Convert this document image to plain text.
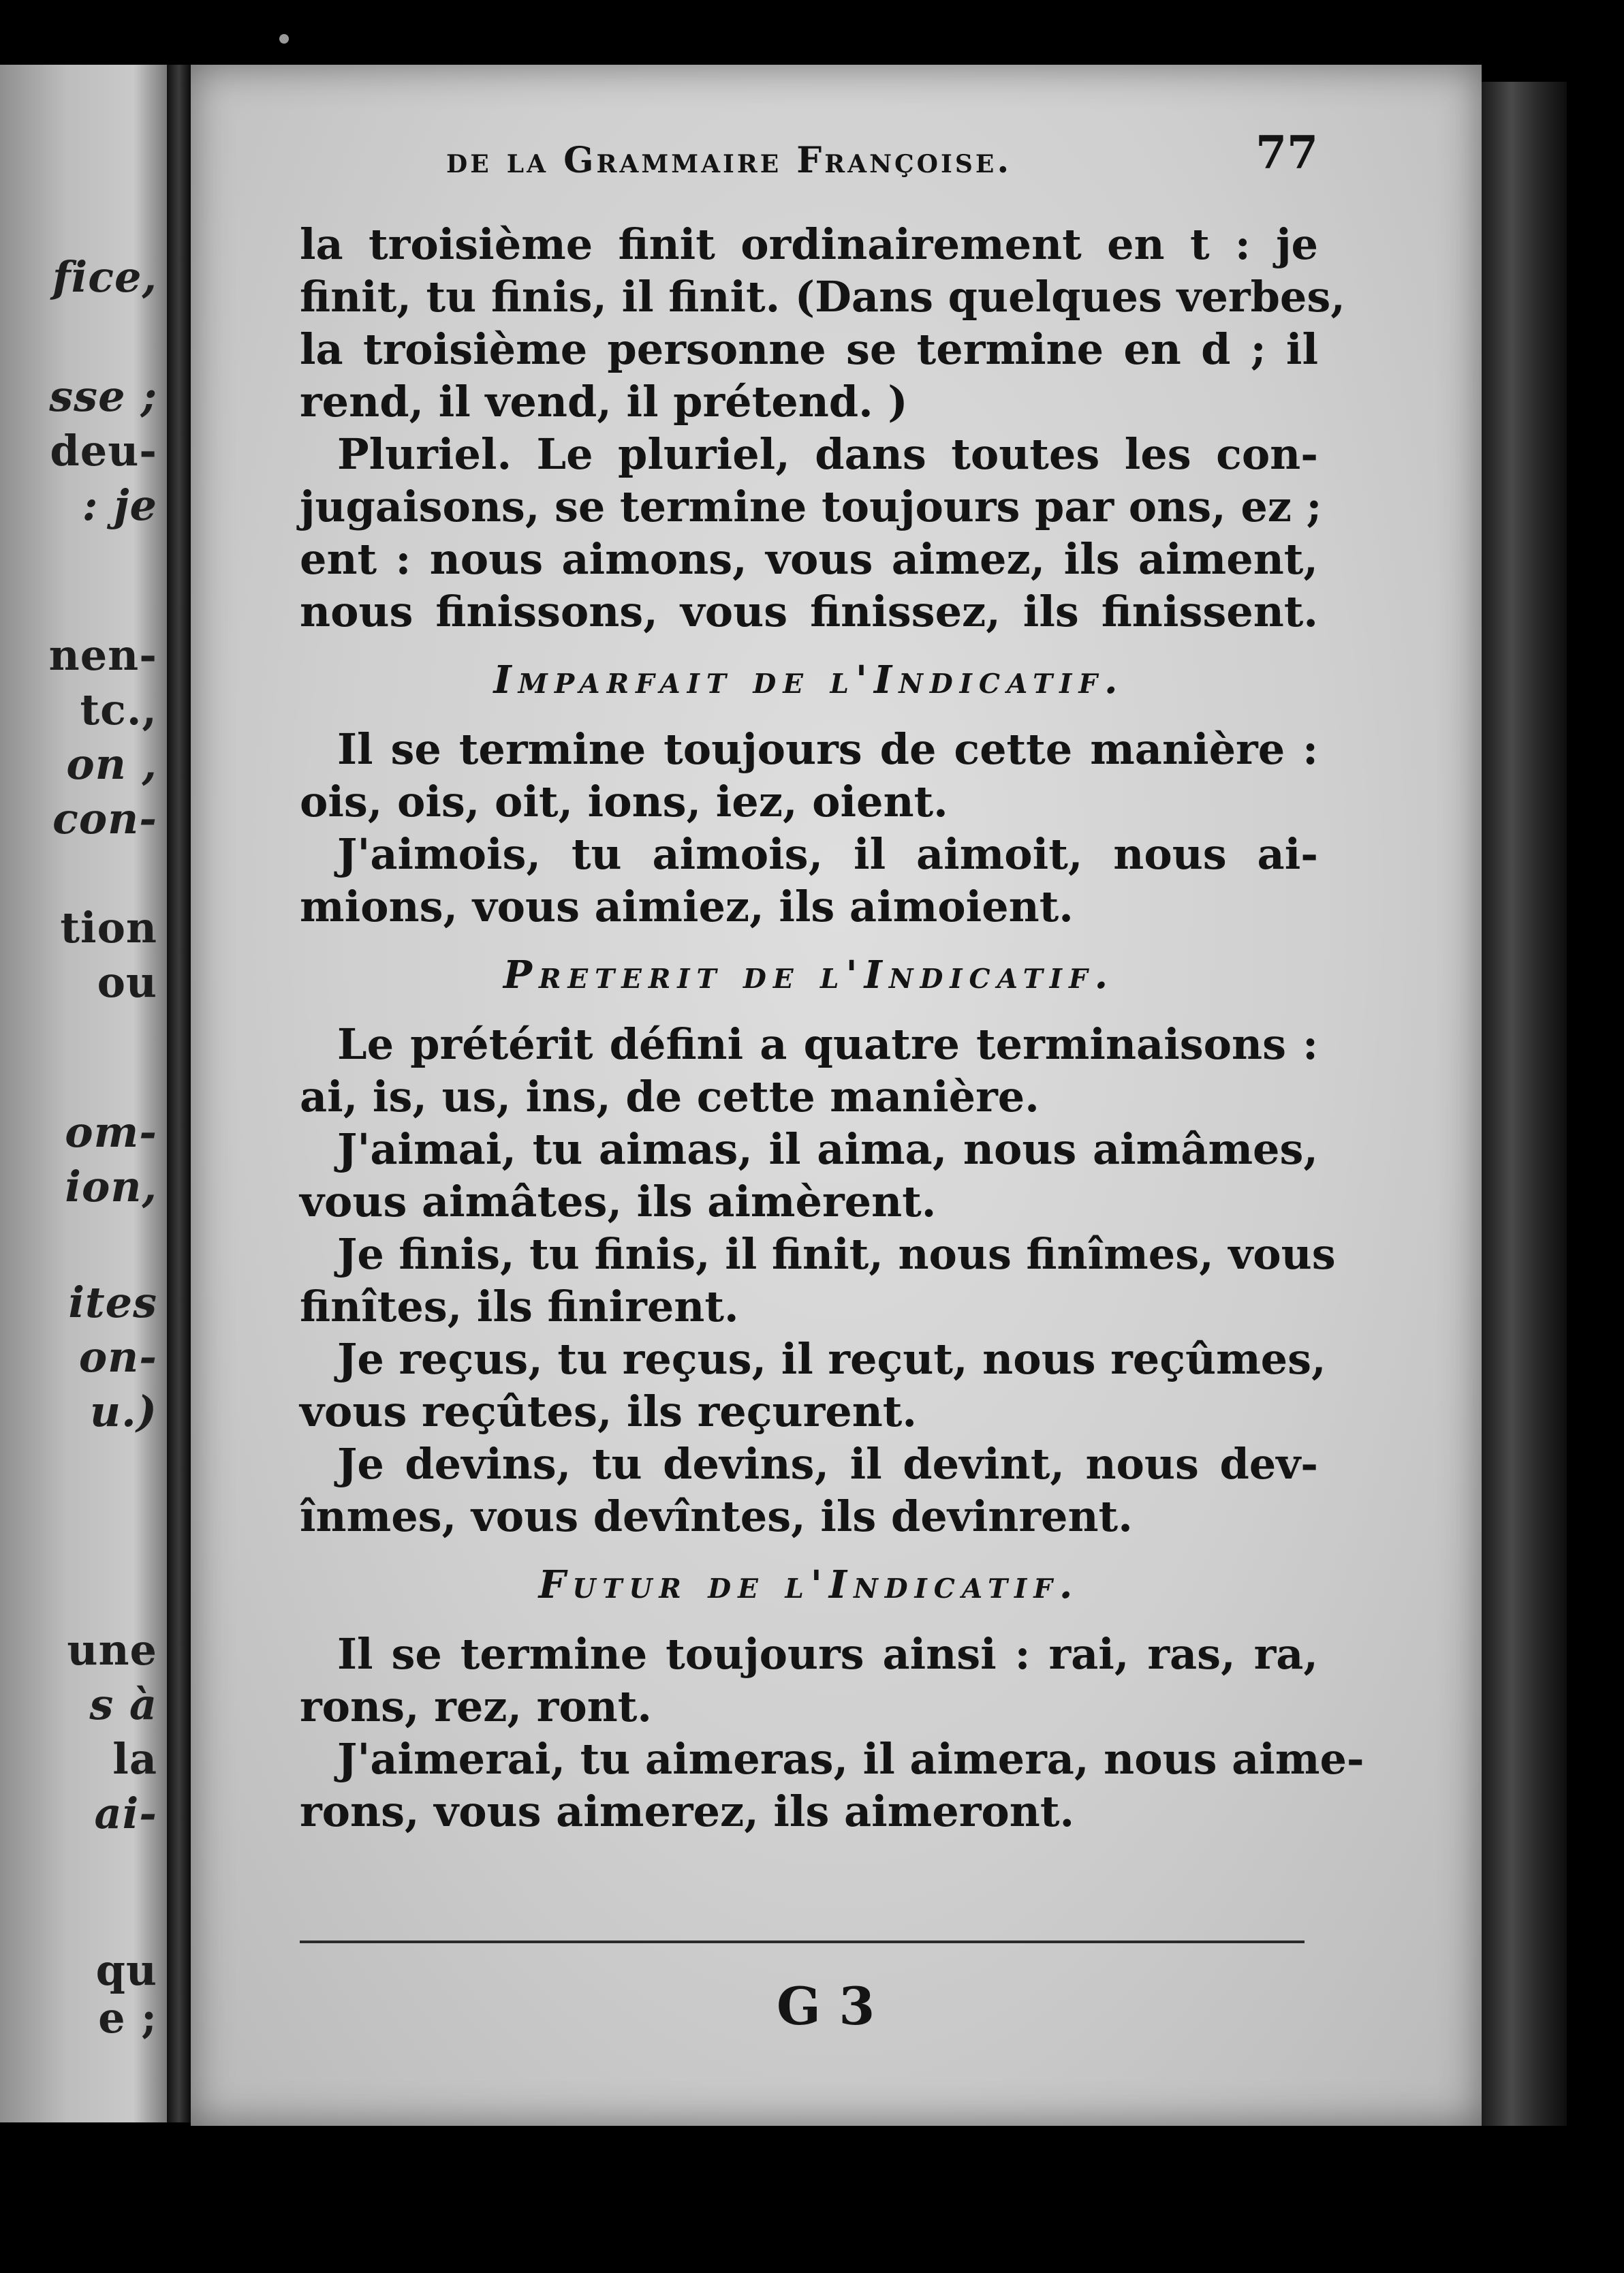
fice,
sse ;
deu-
: je
nen-
tc.,
on ,
con-
tion
ou
om-
ion,
ites
on-
u.)
une
s à
la
ai-
qu
e ;
de la Grammaire Françoise.	77
la troisième finit ordinairement en t : je
finit, tu finis, il finit. (Dans quelques verbes,
la troisième personne se termine en d ; il
rend, il vend, il prétend. )
Pluriel. Le pluriel, dans toutes les con-
jugaisons, se termine toujours par ons, ez ;
ent : nous aimons, vous aimez, ils aiment,
nous finissons, vous finissez, ils finissent.
Imparfait de l'Indicatif.
Il se termine toujours de cette manière :
ois, ois, oit, ions, iez, oient.
J'aimois, tu aimois, il aimoit, nous ai-
mions, vous aimiez, ils aimoient.
Preterit de l'Indicatif.
Le prétérit défini a quatre terminaisons :
ai, is, us, ins, de cette manière.
J'aimai, tu aimas, il aima, nous aimâmes,
vous aimâtes, ils aimèrent.
Je finis, tu finis, il finit, nous finîmes, vous
finîtes, ils finirent.
Je reçus, tu reçus, il reçut, nous reçûmes,
vous reçûtes, ils reçurent.
Je devins, tu devins, il devint, nous dev-
înmes, vous devîntes, ils devinrent.
Futur de l'Indicatif.
Il se termine toujours ainsi : rai, ras, ra,
rons, rez, ront.
J'aimerai, tu aimeras, il aimera, nous aime-
rons, vous aimerez, ils aimeront.
G 3
